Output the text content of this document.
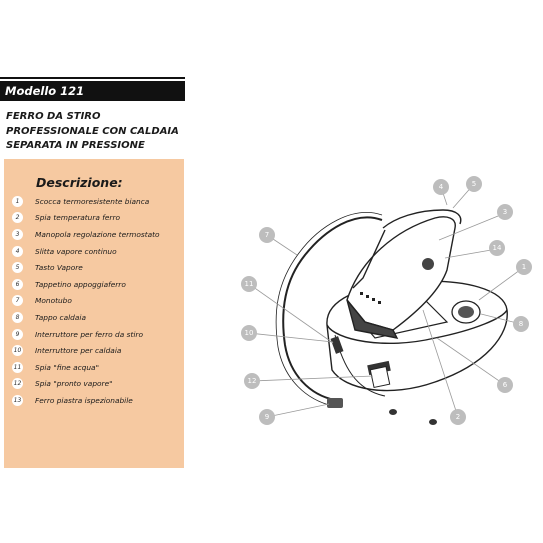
Modello 121
FERRO DA STIRO
PROFESSIONALE CON CALDAIA
SEPARATA IN PRESSIONE
Descrizione:
1	Scocca termoresistente bianca
2	Spia temperatura ferro
3	Manopola regolazione termostato
4	Slitta vapore continuo
5	Tasto Vapore
6	Tappetino appoggiaferro
7	Monotubo
8	Tappo caldaia
9	Interruttore per ferro da stiro
10 Interruttore per caldaia
11 Spia "fine acqua"
12 Spia "pronto vapore"
13 Ferro piastra ispezionabile
4	5
3
7
14
1
11
8
10
6
12
9	2
